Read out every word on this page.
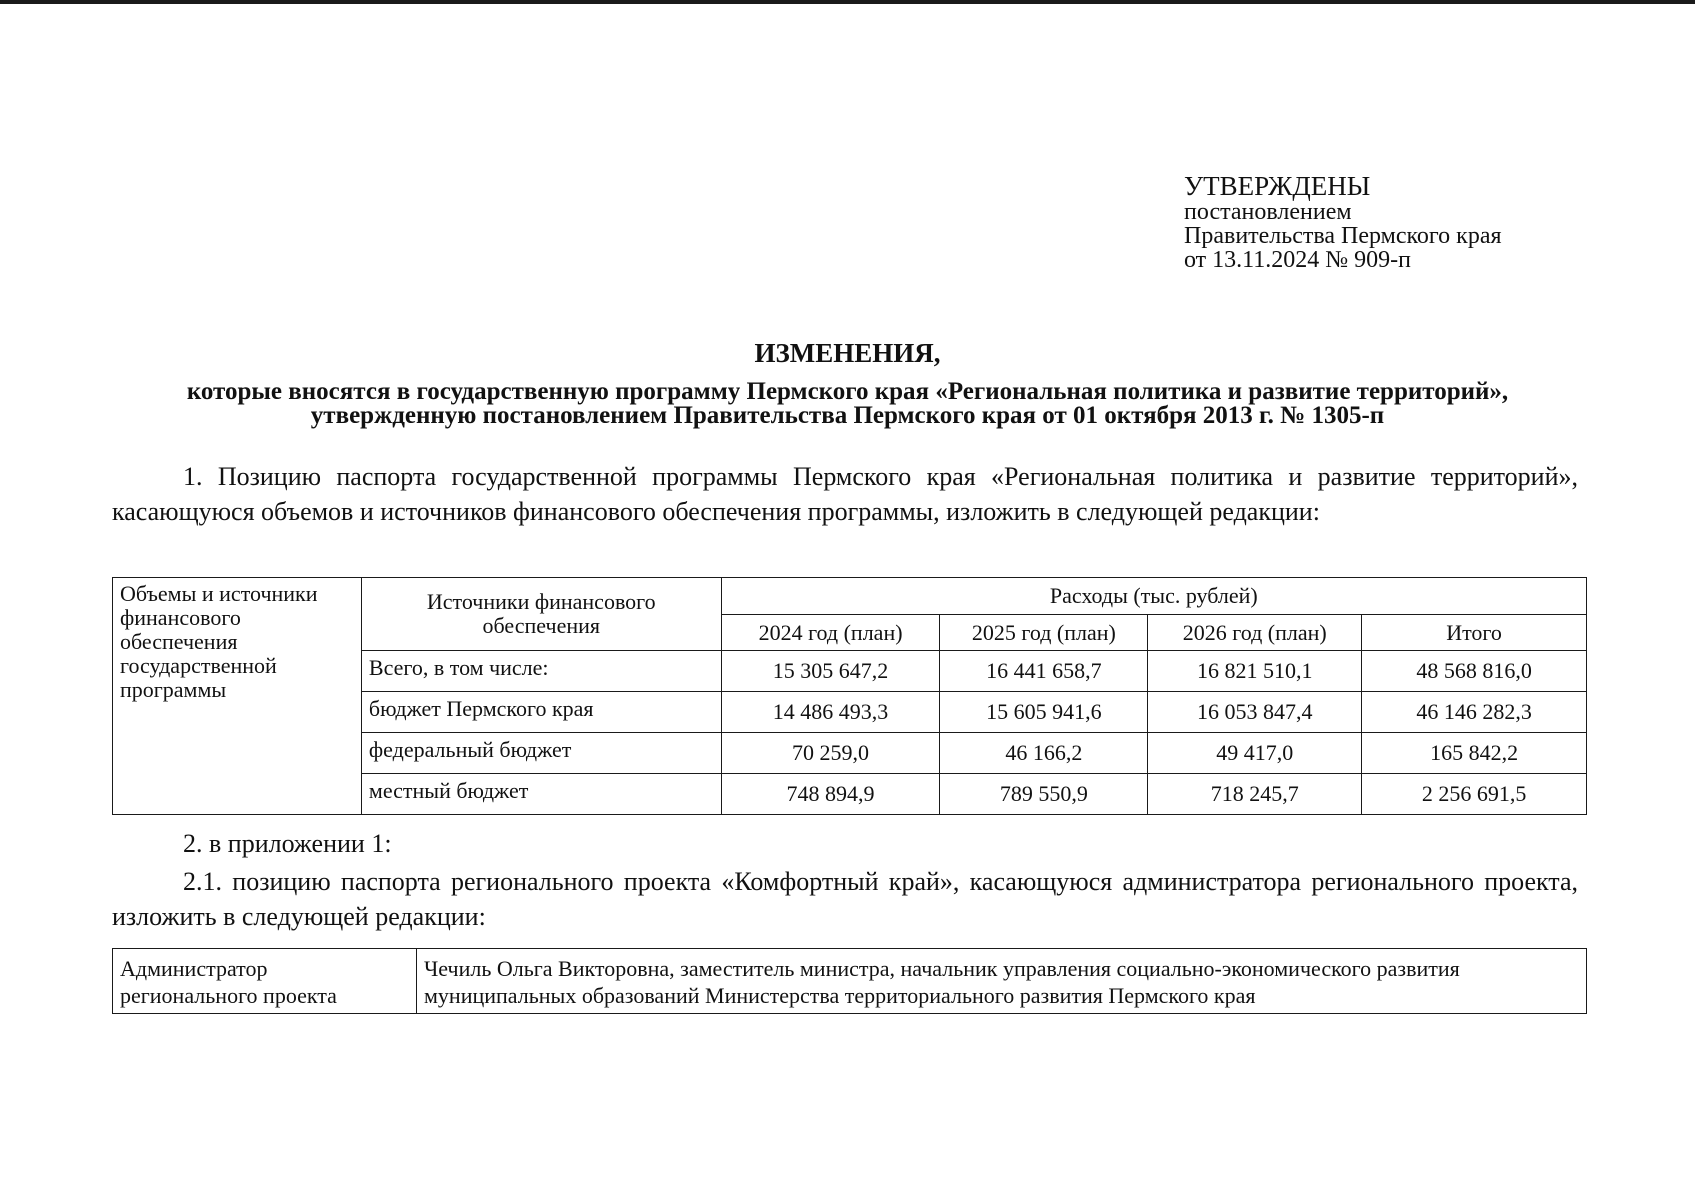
УТВЕРЖДЕНЫ
постановлением
Правительства Пермского края
от 13.11.2024 № 909-п
ИЗМЕНЕНИЯ,
которые вносятся в государственную программу Пермского края «Региональная политика и развитие территорий», утвержденную постановлением Правительства Пермского края от 01 октября 2013 г. № 1305-п

1. Позицию паспорта государственной программы Пермского края «Региональная политика и развитие территорий», касающуюся объемов и источников финансового обеспечения программы, изложить в следующей редакции:

Объемы и источники финансового обеспечения государственной программы	Источники финансового обеспечения	Расходы (тыс. рублей)			
		2024 год (план)	2025 год (план)	2026 год (план)	Итого
	Всего, в том числе:	15 305 647,2	16 441 658,7	16 821 510,1	48 568 816,0
	бюджет Пермского края	14 486 493,3	15 605 941,6	16 053 847,4	46 146 282,3
	федеральный бюджет	70 259,0	46 166,2	49 417,0	165 842,2
	местный бюджет	748 894,9	789 550,9	718 245,7	2 256 691,5

2. в приложении 1:

2.1. позицию паспорта регионального проекта «Комфортный край», касающуюся администратора регионального проекта, изложить в следующей редакции:

Администратор регионального проекта	Чечиль Ольга Викторовна, заместитель министра, начальник управления социально-экономического развития муниципальных образований Министерства территориального развития Пермского края
